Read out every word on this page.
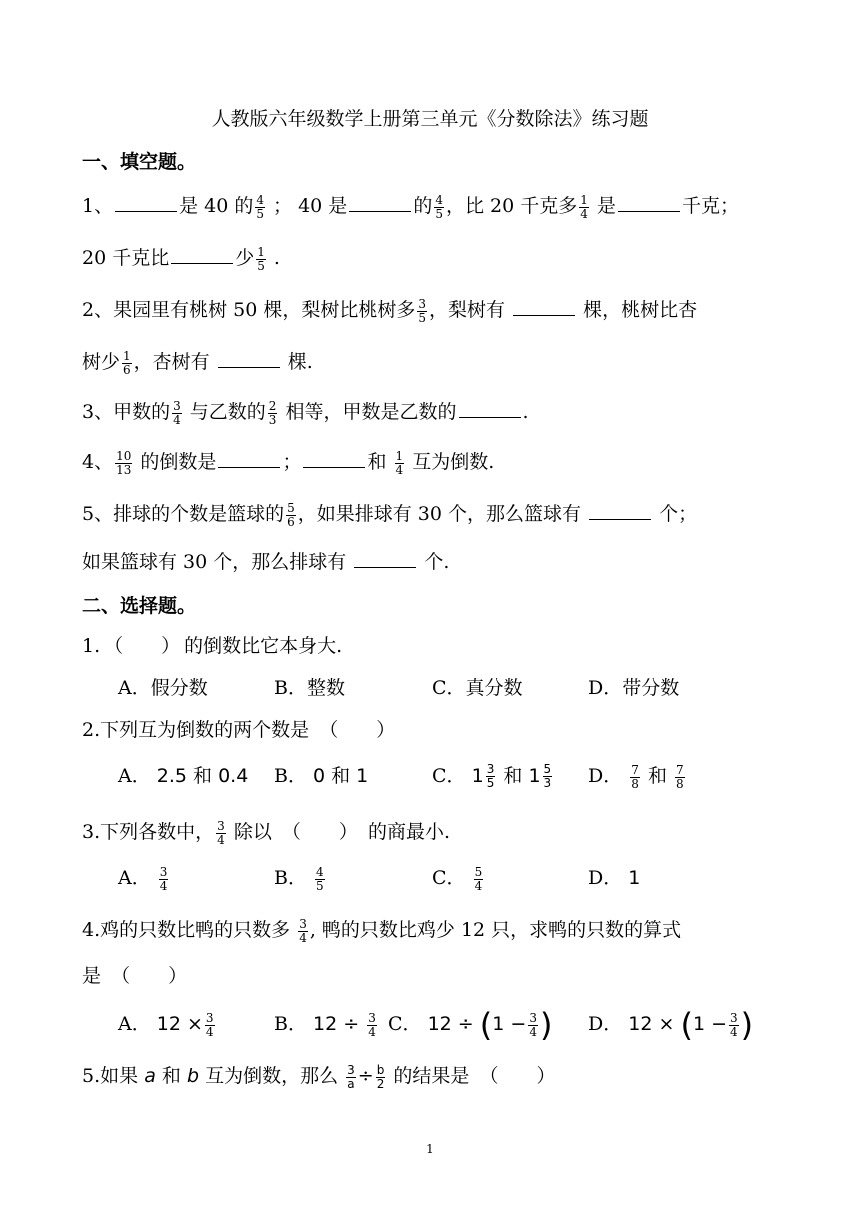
人教版六年级数学上册第三单元《分数除法》练习题
一、填空题。
1、	是 40 的 $\frac{4}{5}$ ； 40 是	的 $\frac{4}{5}$ ，比 20 千克多 $\frac{1}{4}$ 是	千克；
20 千克比	少 $\frac{1}{5}$ .
2、果园里有桃树 50 棵，梨树比桃树多 $\frac{3}{5}$ ，梨树有	棵，桃树比杏
树少 $\frac{1}{6}$ ，杏树有	棵.
3、甲数的 $\frac{3}{4}$ 与乙数的 $\frac{2}{3}$ 相等，甲数是乙数的	.
4、 $\frac{10}{13}$ 的倒数是	；	和 $\frac{1}{4}$ 互为倒数.
5、排球的个数是篮球的 $\frac{5}{6}$ ，如果排球有 30 个，那么篮球有	个；
如果篮球有 30 个，那么排球有	个.
二、选择题。
1. （　　） 的倒数比它本身大.
A．假分数	B．整数	C．真分数	D．带分数
2.下列互为倒数的两个数是 （　　）
A． 2.5 和 0.4 B． 0 和 1	C． $1 \frac{3}{5}$ 和 $1 \frac{5}{3}$ D． $\frac{7}{8}$ 和 $\frac{7}{8}$
3.下列各数中， $\frac{3}{4}$ 除以 （　　） 的商最小.
A． $\frac{3}{4}$	B． $\frac{4}{5}$	C． $\frac{5}{4}$	D． 1
4.鸡的只数比鸭的只数多 $\frac{3}{4}$ , 鸭的只数比鸡少 12 只，求鸭的只数的算式
是 （　　）
A． $12 \times \frac{3}{4}$	B． $12 \div \frac{3}{4}$ C． $12 \div (1 - \frac{3}{4}$ ) D． $12 \times (1 - \frac{3}{4}$ )
5.如果 a 和 b 互为倒数，那么 $\frac{3}{a} \div \frac{b}{2}$ 的结果是 （　　）
1
